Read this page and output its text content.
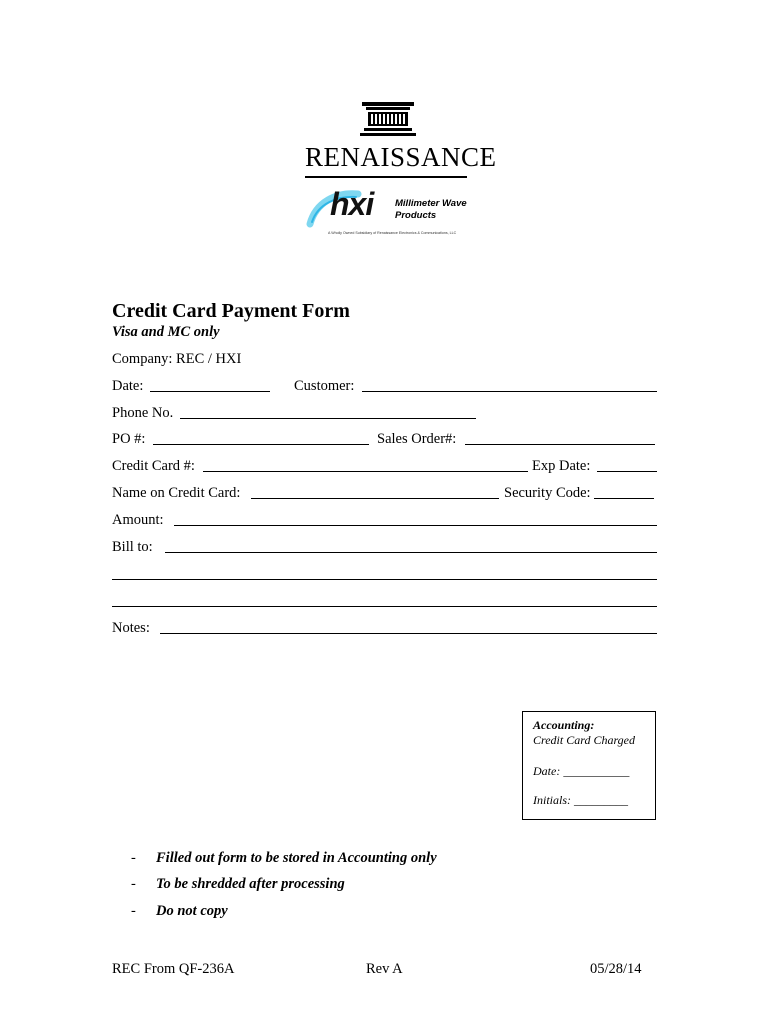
RENAISSANCE
hxi Millimeter Wave
Products
A Wholly Owned Subsidiary of Renaissance Electronics & Communications, LLC
Credit Card Payment Form
Visa and MC only
Company: REC / HXI
Date:	Customer:
Phone No.
PO #:	Sales Order#:
Credit Card #:	Exp Date:
Name on Credit Card:	Security Code:
Amount:
Bill to:
Notes:
Accounting:
Credit Card Charged
Date: ___________
Initials: _________
- Filled out form to be stored in Accounting only
- To be shredded after processing
- Do not copy
REC From QF-236A	Rev A	05/28/14
